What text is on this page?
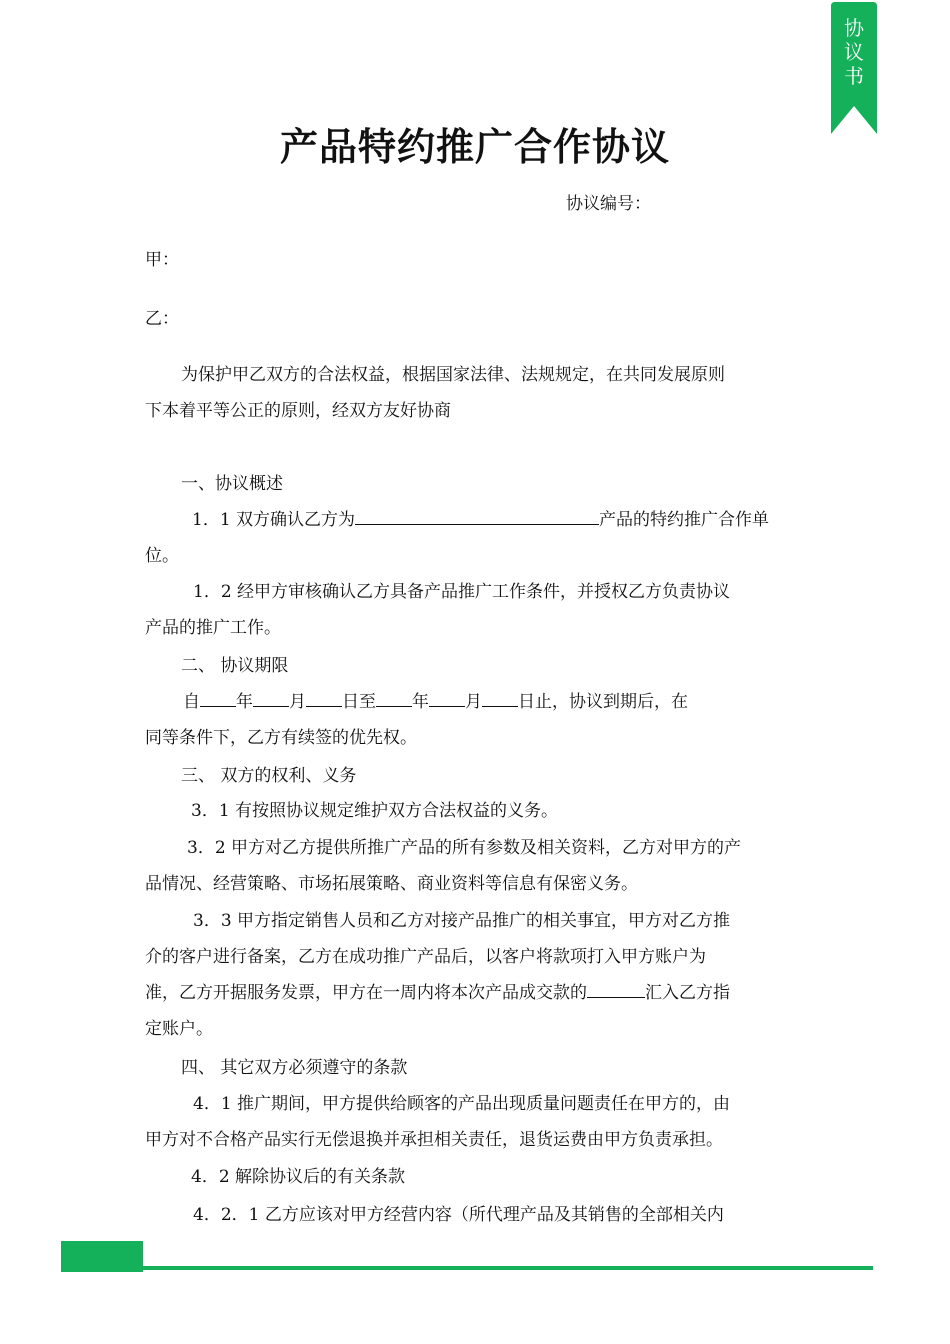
协
议
书
产品特约推广合作协议
协议编号：

甲：

乙：

为保护甲乙双方的合法权益，根据国家法律、法规规定，在共同发展原则
下本着平等公正的原则，经双方友好协商

一、协议概述

1．1 双方确认乙方为	产品的特约推广合作单
位。

1．2 经甲方审核确认乙方具备产品推广工作条件，并授权乙方负责协议
产品的推广工作。

二、 协议期限

自 年 月 日至 年 月 日止，协议到期后，在
同等条件下，乙方有续签的优先权。

三、 双方的权利、义务

3．1 有按照协议规定维护双方合法权益的义务。

3．2 甲方对乙方提供所推广产品的所有参数及相关资料，乙方对甲方的产
品情况、经营策略、市场拓展策略、商业资料等信息有保密义务。

3．3 甲方指定销售人员和乙方对接产品推广的相关事宜，甲方对乙方推
介的客户进行备案，乙方在成功推广产品后，以客户将款项打入甲方账户为
准，乙方开据服务发票，甲方在一周内将本次产品成交款的	汇入乙方指
定账户。

四、 其它双方必须遵守的条款

4．1 推广期间，甲方提供给顾客的产品出现质量问题责任在甲方的，由
甲方对不合格产品实行无偿退换并承担相关责任，退货运费由甲方负责承担。

4．2 解除协议后的有关条款

4．2．1 乙方应该对甲方经营内容（所代理产品及其销售的全部相关内
